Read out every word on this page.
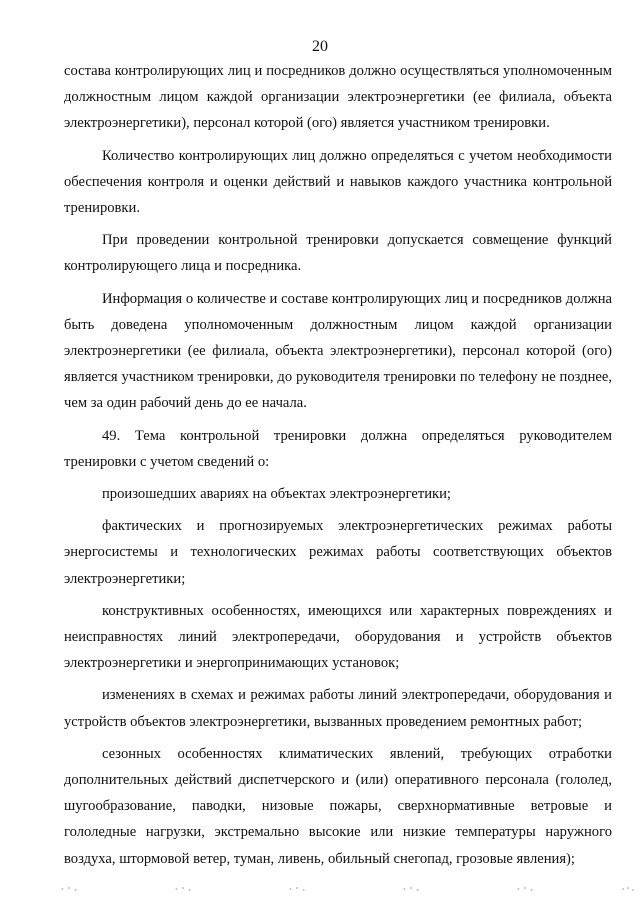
20

состава контролирующих лиц и посредников должно осуществляться уполномоченным должностным лицом каждой организации электроэнергетики (ее филиала, объекта электроэнергетики), персонал которой (ого) является участником тренировки.

Количество контролирующих лиц должно определяться с учетом необходимости обеспечения контроля и оценки действий и навыков каждого участника контрольной тренировки.

При проведении контрольной тренировки допускается совмещение функций контролирующего лица и посредника.

Информация о количестве и составе контролирующих лиц и посредников должна быть доведена уполномоченным должностным лицом каждой организации электроэнергетики (ее филиала, объекта электроэнергетики), персонал которой (ого) является участником тренировки, до руководителя тренировки по телефону не позднее, чем за один рабочий день до ее начала.

49. Тема контрольной тренировки должна определяться руководителем тренировки с учетом сведений о:

произошедших авариях на объектах электроэнергетики;

фактических и прогнозируемых электроэнергетических режимах работы энергосистемы и технологических режимах работы соответствующих объектов электроэнергетики;

конструктивных особенностях, имеющихся или характерных повреждениях и неисправностях линий электропередачи, оборудования и устройств объектов электроэнергетики и энергопринимающих установок;

изменениях в схемах и режимах работы линий электропередачи, оборудования и устройств объектов электроэнергетики, вызванных проведением ремонтных работ;

сезонных особенностях климатических явлений, требующих отработки дополнительных действий диспетчерского и (или) оперативного персонала (гололед, шугообразование, паводки, низовые пожары, сверхнормативные ветровые и гололедные нагрузки, экстремально высокие или низкие температуры наружного воздуха, штормовой ветер, туман, ливень, обильный снегопад, грозовые явления);
